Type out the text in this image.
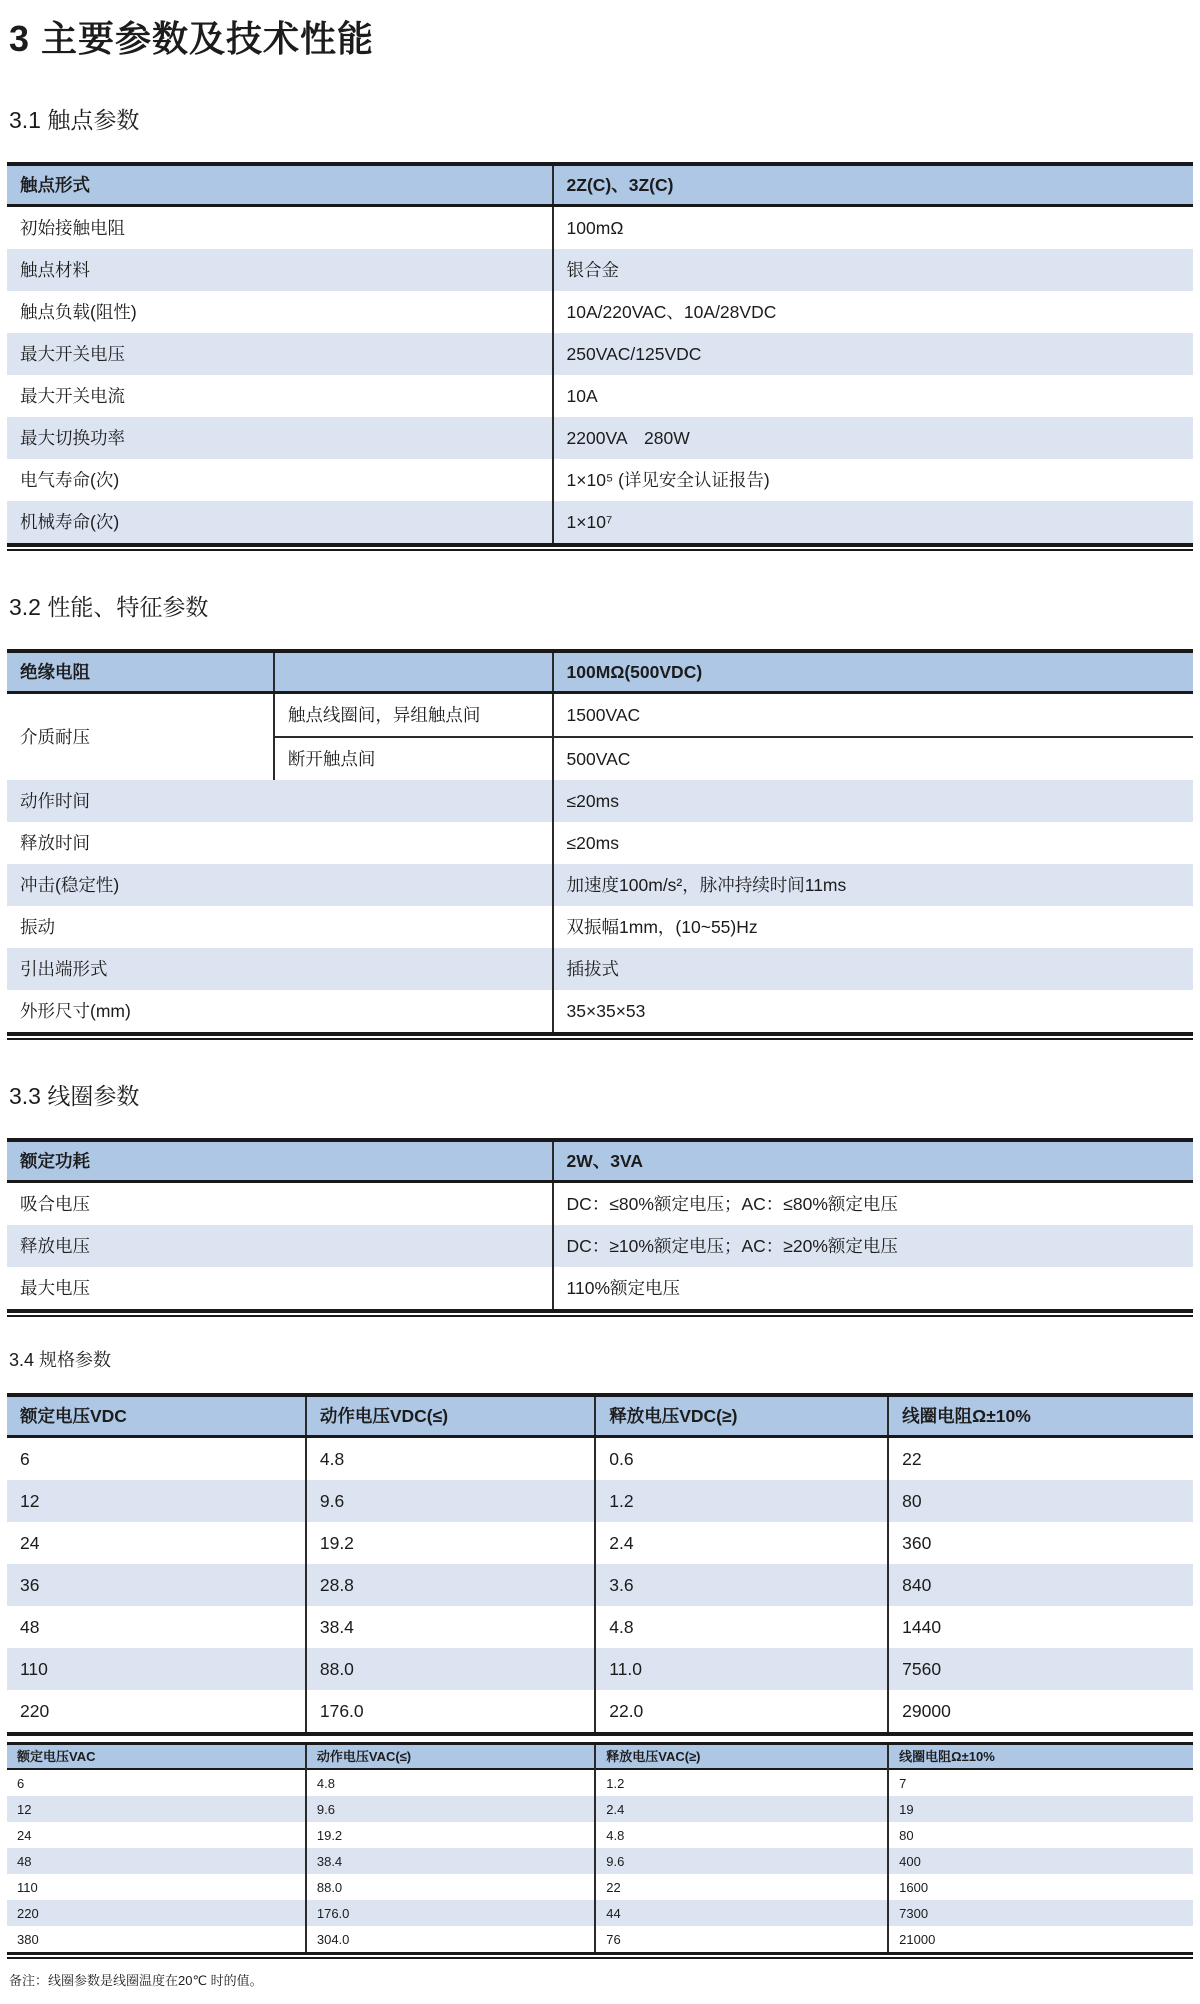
3 主要参数及技术性能
3.1 触点参数
触点形式	2Z(C)、3Z(C)
初始接触电阻	100mΩ
触点材料	银合金
触点负载(阻性)	10A/220VAC、10A/28VDC
最大开关电压	250VAC/125VDC
最大开关电流	10A
最大切换功率	2200VA　280W
电气寿命(次)	1×10⁵ (详见安全认证报告)
机械寿命(次)	1×10⁷
3.2 性能、特征参数
绝缘电阻		100MΩ(500VDC)
介质耐压	触点线圈间，异组触点间	1500VAC
	断开触点间	500VAC
动作时间		≤20ms
释放时间		≤20ms
冲击(稳定性)		加速度100m/s²，脉冲持续时间11ms
振动		双振幅1mm，(10~55)Hz
引出端形式		插拔式
外形尺寸(mm)		35×35×53
3.3 线圈参数
额定功耗	2W、3VA
吸合电压	DC：≤80%额定电压；AC：≤80%额定电压
释放电压	DC：≥10%额定电压；AC：≥20%额定电压
最大电压	110%额定电压
3.4 规格参数
额定电压VDC	动作电压VDC(≤)	释放电压VDC(≥)	线圈电阻Ω±10%
6	4.8	0.6	22
12	9.6	1.2	80
24	19.2	2.4	360
36	28.8	3.6	840
48	38.4	4.8	1440
110	88.0	11.0	7560
220	176.0	22.0	29000
额定电压VAC	动作电压VAC(≤)	释放电压VAC(≥)	线圈电阻Ω±10%
6	4.8	1.2	7
12	9.6	2.4	19
24	19.2	4.8	80
48	38.4	9.6	400
110	88.0	22	1600
220	176.0	44	7300
380	304.0	76	21000

备注：线圈参数是线圈温度在20℃ 时的值。
